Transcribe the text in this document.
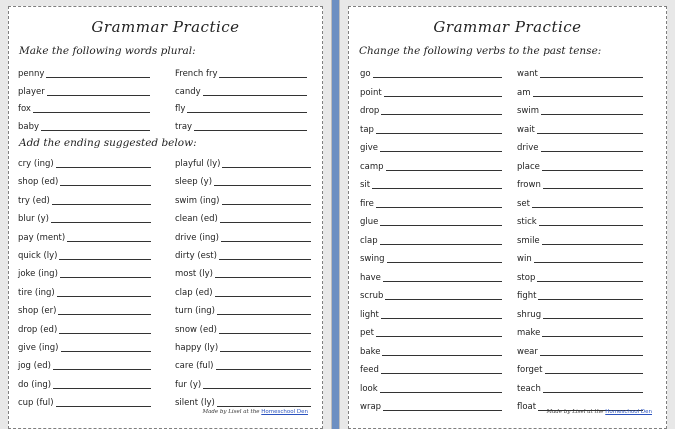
Grammar Practice
Make the following words plural:
penny
player
fox
baby
French fry
candy
fly
tray
Add the ending suggested below:
cry (ing)
shop (ed)
try (ed)
blur (y)
pay (ment)
quick (ly)
joke (ing)
tire (ing)
shop (er)
drop (ed)
give (ing)
jog (ed)
do (ing)
cup (ful)
playful (ly)
sleep (y)
swim (ing)
clean (ed)
drive (ing)
dirty (est)
most (ly)
clap (ed)
turn (ing)
snow (ed)
happy (ly)
care (ful)
fur (y)
silent (ly)
Made by Lisel at the Homeschool Den
Grammar Practice
Change the following verbs to the past tense:
go
point
drop
tap
give
camp
sit
fire
glue
clap
swing
have
scrub
light
pet
bake
feed
look
wrap
want
am
swim
wait
drive
place
frown
set
stick
smile
win
stop
fight
shrug
make
wear
forget
teach
float Made by Lisel at the Homeschool Den
